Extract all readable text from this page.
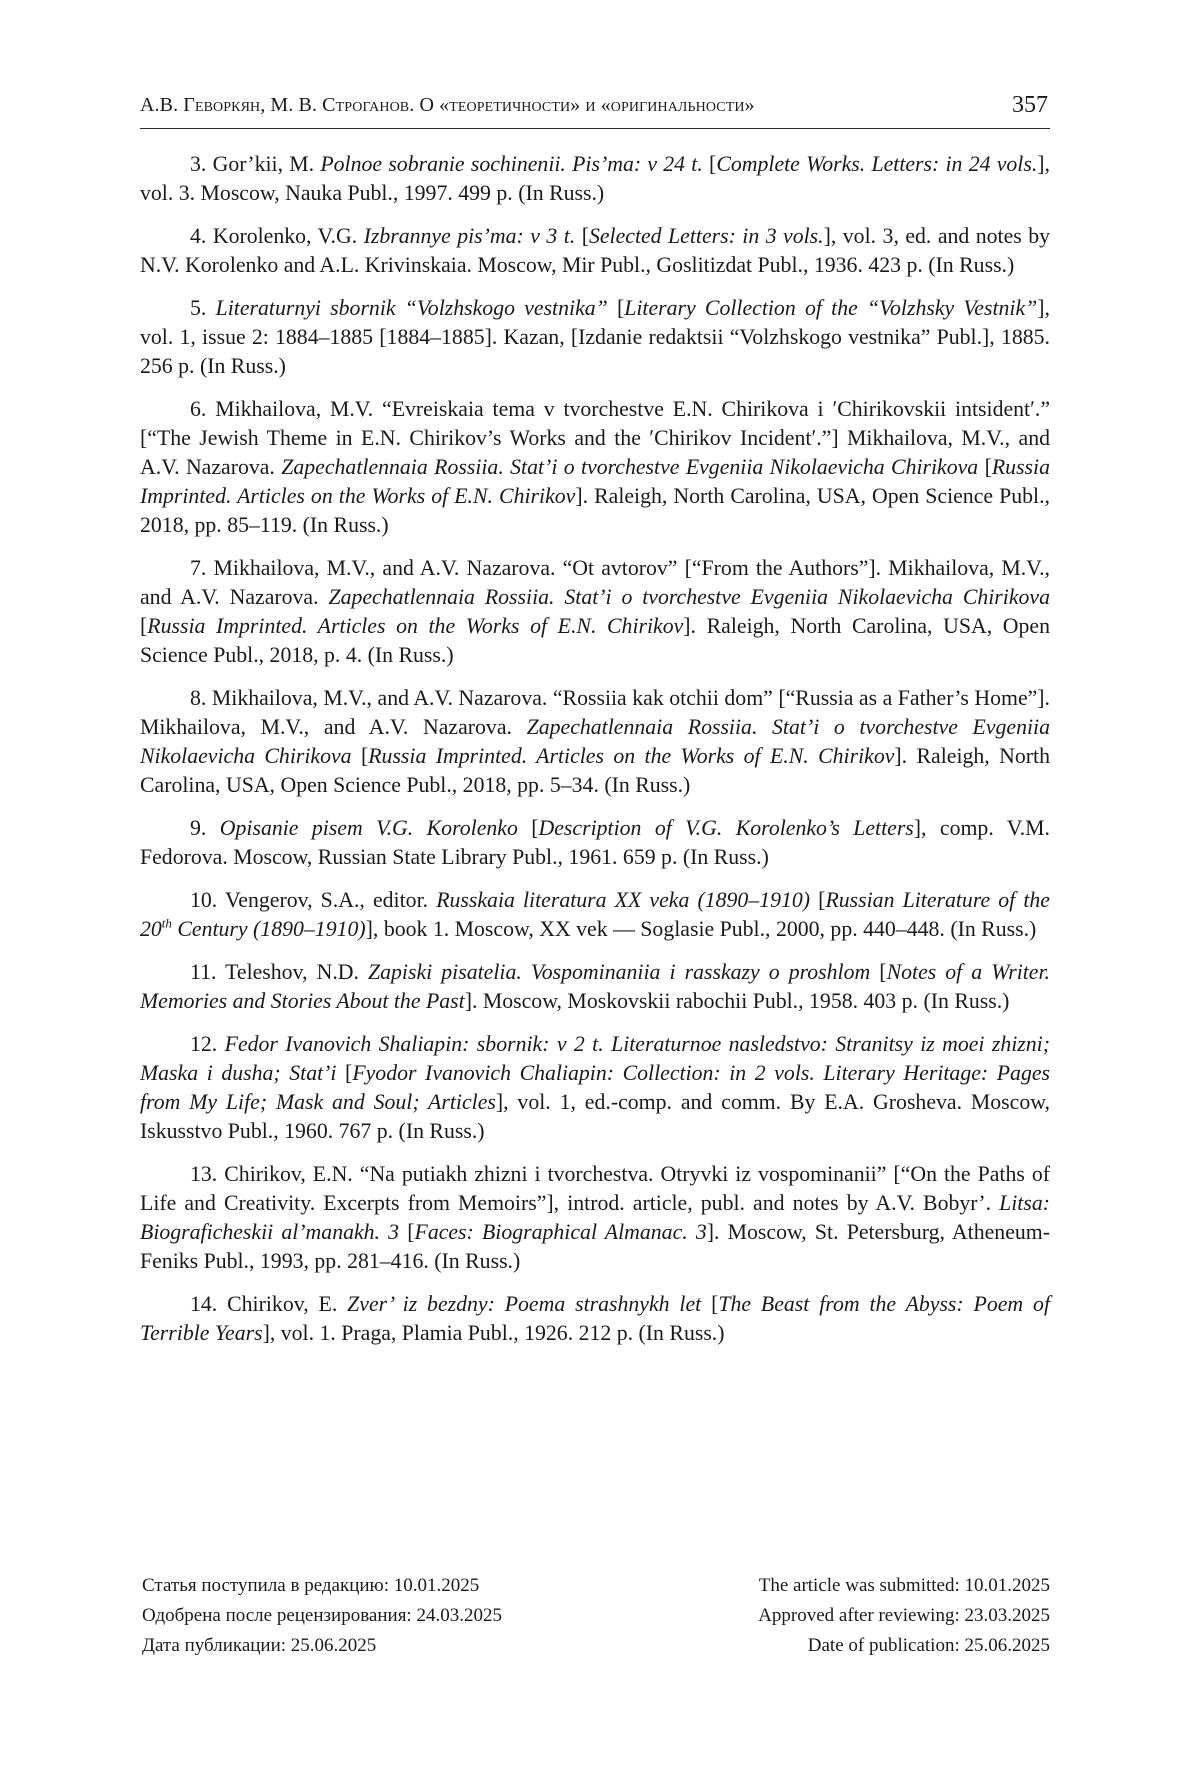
А.В. Геворкян, М. В. Строганов. О «теоретичности» и «оригинальности»	357

3. Gor’kii, M. Polnoe sobranie sochinenii. Pis’ma: v 24 t. [Complete Works. Letters: in 24 vols.], vol. 3. Moscow, Nauka Publ., 1997. 499 p. (In Russ.)

4. Korolenko, V.G. Izbrannye pis’ma: v 3 t. [Selected Letters: in 3 vols.], vol. 3, ed. and notes by N.V. Korolenko and A.L. Krivinskaia. Moscow, Mir Publ., Goslitizdat Publ., 1936. 423 p. (In Russ.)

5. Literaturnyi sbornik “Volzhskogo vestnika” [Literary Collection of the “Volzhsky Vestnik”], vol. 1, issue 2: 1884–1885 [1884–1885]. Kazan, [Izdanie redaktsii “Volzhskogo vestnika” Publ.], 1885. 256 p. (In Russ.)

6. Mikhailova, M.V. “Evreiskaia tema v tvorchestve E.N. Chirikova i ʹChirikovskii intsidentʹ.” [“The Jewish Theme in E.N. Chirikov’s Works and the ʹChirikov Incidentʹ.”] Mikhailova, M.V., and A.V. Nazarova. Zapechatlennaia Rossiia. Stat’i o tvorchestve Evgeniia Nikolaevicha Chirikova [Russia Imprinted. Articles on the Works of E.N. Chirikov]. Raleigh, North Carolina, USA, Open Science Publ., 2018, pp. 85–119. (In Russ.)

7. Mikhailova, M.V., and A.V. Nazarova. “Ot avtorov” [“From the Authors”]. Mikhailova, M.V., and A.V. Nazarova. Zapechatlennaia Rossiia. Stat’i o tvorchestve Evgeniia Nikolaevicha Chirikova [Russia Imprinted. Articles on the Works of E.N. Chirikov]. Raleigh, North Carolina, USA, Open Science Publ., 2018, p. 4. (In Russ.)

8. Mikhailova, M.V., and A.V. Nazarova. “Rossiia kak otchii dom” [“Russia as a Father’s Home”]. Mikhailova, M.V., and A.V. Nazarova. Zapechatlennaia Rossiia. Stat’i o tvorchestve Evgeniia Nikolaevicha Chirikova [Russia Imprinted. Articles on the Works of E.N. Chirikov]. Raleigh, North Carolina, USA, Open Science Publ., 2018, pp. 5–34. (In Russ.)

9. Opisanie pisem V.G. Korolenko [Description of V.G. Korolenko’s Letters], comp. V.M. Fedorova. Moscow, Russian State Library Publ., 1961. 659 p. (In Russ.)

10. Vengerov, S.A., editor. Russkaia literatura XX veka (1890–1910) [Russian Literature of the 20th Century (1890–1910)], book 1. Moscow, XX vek — Soglasie Publ., 2000, pp. 440–448. (In Russ.)

11. Teleshov, N.D. Zapiski pisatelia. Vospominaniia i rasskazy o proshlom [Notes of a Writer. Memories and Stories About the Past]. Moscow, Moskovskii rabochii Publ., 1958. 403 p. (In Russ.)

12. Fedor Ivanovich Shaliapin: sbornik: v 2 t. Literaturnoe nasledstvo: Stranitsy iz moei zhizni; Maska i dusha; Stat’i [Fyodor Ivanovich Chaliapin: Collection: in 2 vols. Literary Heritage: Pages from My Life; Mask and Soul; Articles], vol. 1, ed.-comp. and comm. By E.A. Grosheva. Moscow, Iskusstvo Publ., 1960. 767 p. (In Russ.)

13. Chirikov, E.N. “Na putiakh zhizni i tvorchestva. Otryvki iz vospominanii” [“On the Paths of Life and Creativity. Excerpts from Memoirs”], introd. article, publ. and notes by A.V. Bobyr’. Litsa: Biograficheskii al’manakh. 3 [Faces: Biographical Almanac. 3]. Moscow, St. Petersburg, Atheneum-Feniks Publ., 1993, pp. 281–416. (In Russ.)

14. Chirikov, E. Zver’ iz bezdny: Poema strashnykh let [The Beast from the Abyss: Poem of Terrible Years], vol. 1. Praga, Plamia Publ., 1926. 212 p. (In Russ.)

Статья поступила в редакцию: 10.01.2025
Одобрена после рецензирования: 24.03.2025
Дата публикации: 25.06.2025
The article was submitted: 10.01.2025
Approved after reviewing: 23.03.2025
Date of publication: 25.06.2025
